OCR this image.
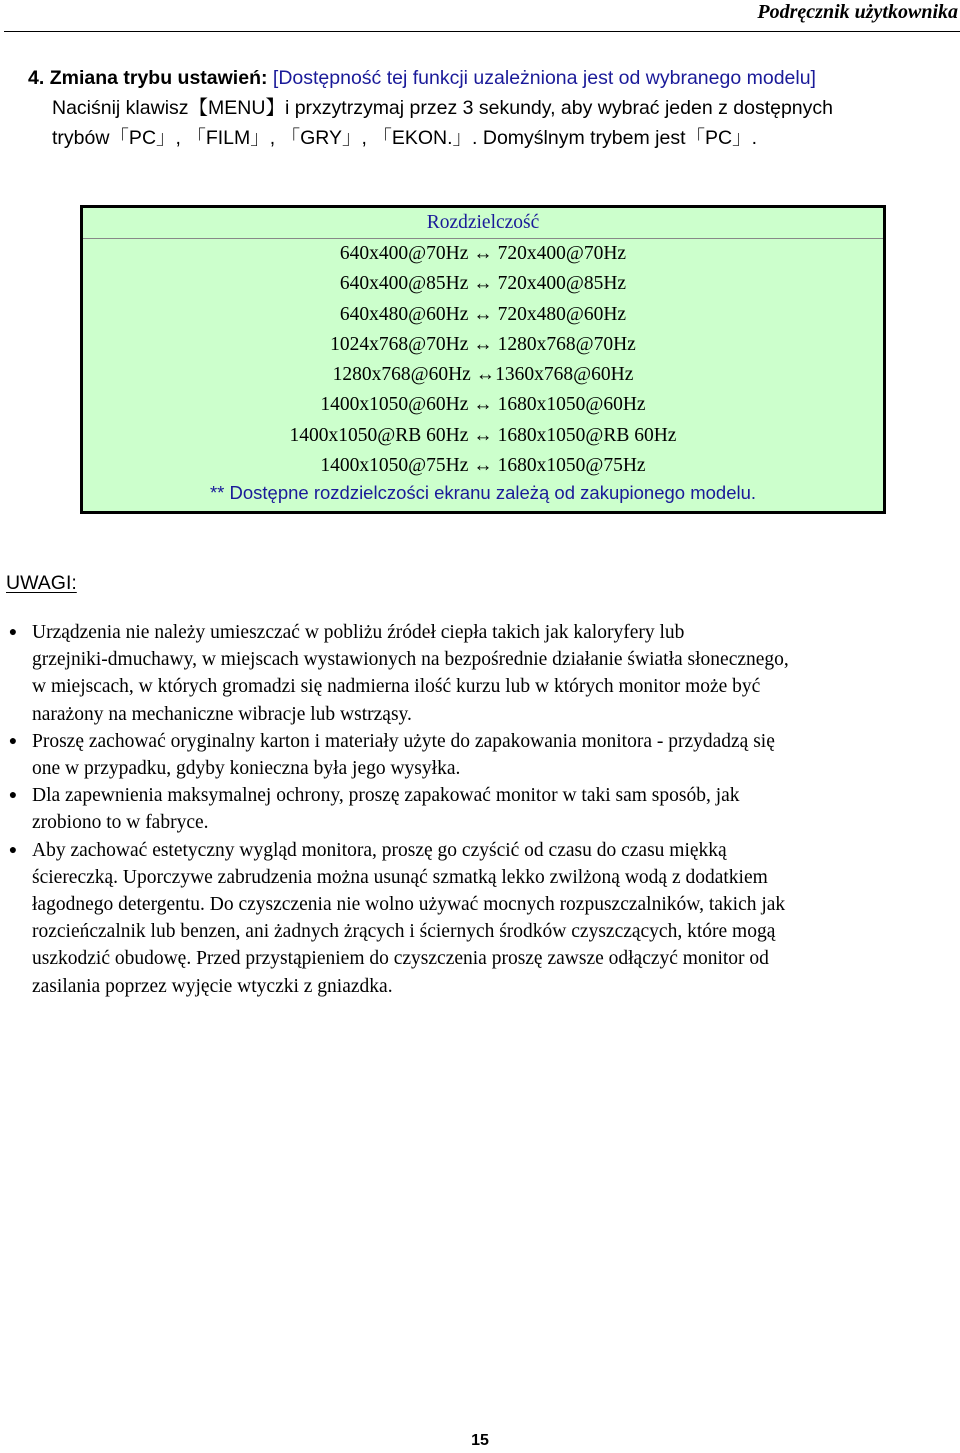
Podręcznik użytkownika
4. Zmiana trybu ustawień: [Dostępność tej funkcji uzależniona jest od wybranego modelu]
Naciśnij klawisz【MENU】i prxzytrzymaj przez 3 sekundy, aby wybrać jeden z dostępnych
trybów「PC」, 「FILM」, 「GRY」, 「EKON.」. Domyślnym trybem jest「PC」.
Rozdzielczość
640x400@70Hz ↔ 720x400@70Hz
640x400@85Hz ↔ 720x400@85Hz
640x480@60Hz ↔ 720x480@60Hz
1024x768@70Hz ↔ 1280x768@70Hz
1280x768@60Hz ↔1360x768@60Hz
1400x1050@60Hz ↔ 1680x1050@60Hz
1400x1050@RB 60Hz ↔ 1680x1050@RB 60Hz
1400x1050@75Hz ↔ 1680x1050@75Hz
** Dostępne rozdzielczości ekranu zależą od zakupionego modelu.
UWAGI:
● Urządzenia nie należy umieszczać w pobliżu źródeł ciepła takich jak kaloryfery lub
grzejniki-dmuchawy, w miejscach wystawionych na bezpośrednie działanie światła słonecznego,
w miejscach, w których gromadzi się nadmierna ilość kurzu lub w których monitor może być
narażony na mechaniczne wibracje lub wstrząsy.
● Proszę zachować oryginalny karton i materiały użyte do zapakowania monitora - przydadzą się
one w przypadku, gdyby konieczna była jego wysyłka.
● Dla zapewnienia maksymalnej ochrony, proszę zapakować monitor w taki sam sposób, jak
zrobiono to w fabryce.
● Aby zachować estetyczny wygląd monitora, proszę go czyścić od czasu do czasu miękką
ściereczką. Uporczywe zabrudzenia można usunąć szmatką lekko zwilżoną wodą z dodatkiem
łagodnego detergentu. Do czyszczenia nie wolno używać mocnych rozpuszczalników, takich jak
rozcieńczalnik lub benzen, ani żadnych żrących i ściernych środków czyszczących, które mogą
uszkodzić obudowę. Przed przystąpieniem do czyszczenia proszę zawsze odłączyć monitor od
zasilania poprzez wyjęcie wtyczki z gniazdka.
15
